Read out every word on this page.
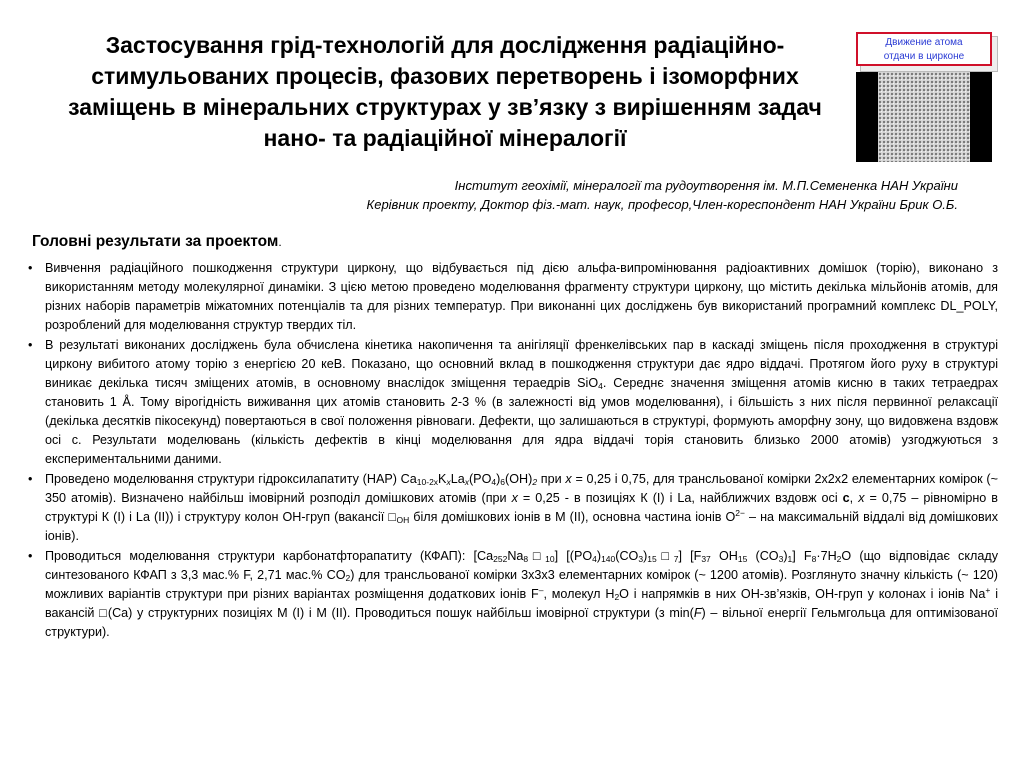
Застосування грід-технологій для дослідження радіаційно-стимульованих процесів, фазових перетворень і ізоморфних заміщень в мінеральних структурах у зв’язку з вирішенням задач нано- та радіаційної мінералогії
Движение атома
отдачи в цирконе
Інститут геохімії, мінералогії та рудоутворення ім. М.П.Семененка НАН України
Керівник проекту, Доктор фіз.-мат. наук, професор,Член-кореспондент НАН України Брик О.Б.
Головні результати за проектом.
• Вивчення радіаційного пошкодження структури циркону, що відбувається під дією альфа-випромінювання радіоактивних домішок (торію), виконано з використанням методу молекулярної динаміки. З цією метою проведено моделювання фрагменту структури циркону, що містить декілька мільйонів атомів, для різних наборів параметрів міжатомних потенціалів та для різних температур. При виконанні цих досліджень був використаний програмний комплекс DL_POLY, розроблений для моделювання структур твердих тіл.
• В результаті виконаних досліджень була обчислена кінетика накопичення та анігіляції френкелівських пар в каскаді зміщень після проходження в структурі циркону вибитого атому торію з енергією 20 кеВ. Показано, що основний вклад в пошкодження структури дає ядро віддачі. Протягом його руху в структурі виникає декілька тисяч зміщених атомів, в основному внаслідок зміщення тераедрів SiO$_4$. Середнє значення зміщення атомів кисню в таких тетраедрах становить 1 Å. Тому вірогідність виживання цих атомів становить 2-3 % (в залежності від умов моделювання), і більшість з них після первинної релаксації (декілька десятків пікосекунд) повертаються в свої положення рівноваги. Дефекти, що залишаються в структурі, формують аморфну зону, що видовжена вздовж осі с. Результати моделювань (кількість дефектів в кінці моделювання для ядра віддачі торія становить близько 2000 атомів) узгоджуються з експериментальними даними.
• Проведено моделювання структури гідроксилапатиту (НАР) $Ca_{10-2x}K_xLa_x(PO_4)_6(OH)_2$ при x = 0,25 і 0,75, для трансльованої комірки 2x2x2 елементарних комірок (~ 350 атомів). Визначено найбільш імовірний розподіл домішкових атомів (при x = 0,25 - в позиціях К (I) і La, найближчих вздовж осі с, x = 0,75 – рівномірно в структурі К (I) і La (II)) і структуру колон ОН-груп (вакансії $□_{OH}$ біля домішкових іонів в М (II), основна частина іонів $O^{2-}$ – на максимальній віддалі від домішкових іонів).
• Проводиться моделювання структури карбонатфторапатиту (КФАП): $[Ca_{252}Na_8□_{10}]$ $[(PO_4)_{140}(CO_3)_{15}□_7]$ [$F_{37}$ $OH_{15}$ $(CO_3)_1$] $F_8\cdot 7H_2O$ (що відповідає складу синтезованого КФАП з 3,3 мас.% F, 2,71 мас.% $CO_2$) для трансльованої комірки 3х3х3 елементарних комірок (~ 1200 атомів). Розглянуто значну кількість (~ 120) можливих варіантів структури при різних варіантах розміщення додаткових іонів F–, молекул $H_2O$ і напрямків в них ОН-зв’язків, ОН-груп у колонах і іонів Na+ і вакансій □(Ca) у структурних позиціях М (I) і М (II). Проводиться пошук найбільш імовірної структури (з min(F) – вільної енергії Гельмгольца для оптимізованої структури).
